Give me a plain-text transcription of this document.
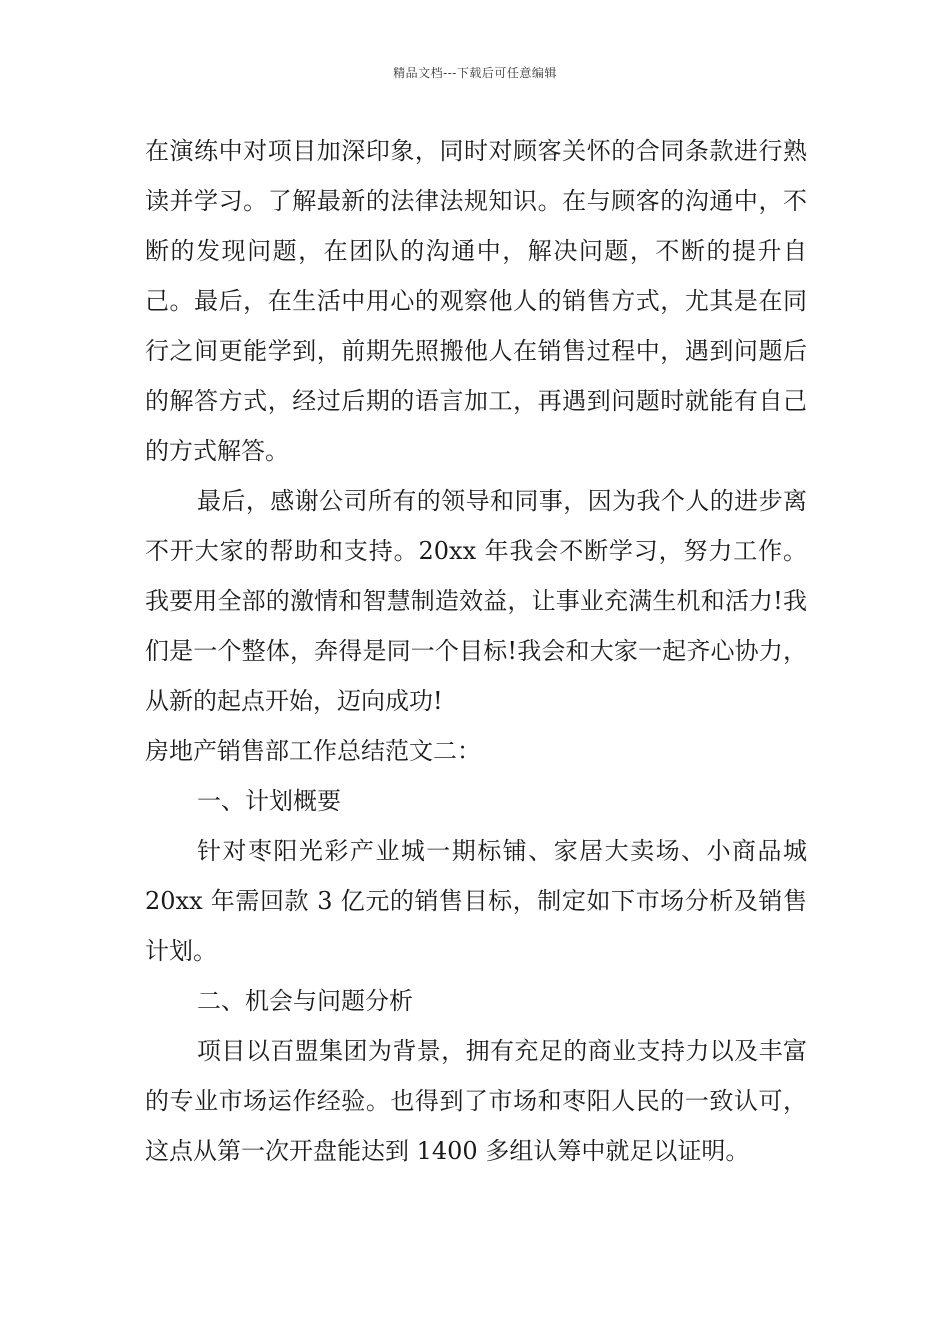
精品文档---下载后可任意编辑

在演练中对项目加深印象，同时对顾客关怀的合同条款进行熟读并学习。了解最新的法律法规知识。在与顾客的沟通中，不断的发现问题，在团队的沟通中，解决问题，不断的提升自己。最后，在生活中用心的观察他人的销售方式，尤其是在同行之间更能学到，前期先照搬他人在销售过程中，遇到问题后的解答方式，经过后期的语言加工，再遇到问题时就能有自己的方式解答。

最后，感谢公司所有的领导和同事，因为我个人的进步离不开大家的帮助和支持。20xx 年我会不断学习，努力工作。我要用全部的激情和智慧制造效益，让事业充满生机和活力!我们是一个整体，奔得是同一个目标!我会和大家一起齐心协力，从新的起点开始，迈向成功!

房地产销售部工作总结范文二：

一、计划概要

针对枣阳光彩产业城一期标铺、家居大卖场、小商品城 20xx 年需回款 3 亿元的销售目标，制定如下市场分析及销售计划。

二、机会与问题分析

项目以百盟集团为背景，拥有充足的商业支持力以及丰富的专业市场运作经验。也得到了市场和枣阳人民的一致认可，这点从第一次开盘能达到 1400 多组认筹中就足以证明。
